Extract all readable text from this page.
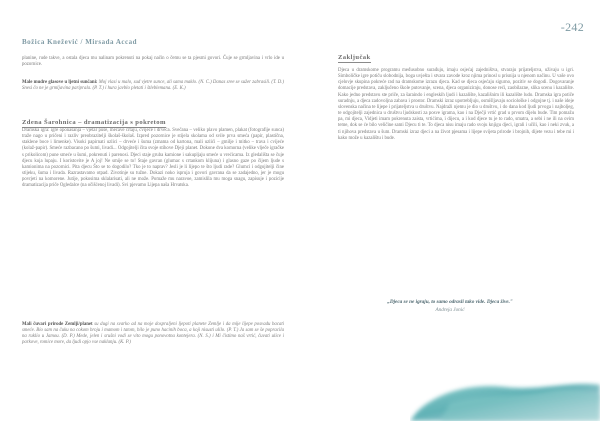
-242
Božica Knežević / Mirsada Accad
planine, rude takve, a ostala djeca mu nalinam pokrenuti na pokaj način o čemu se ta pjesmi govori. Čuje se grmljavina i vrlo ide u pozornice.
Male mudre glasove u ljetni sunčani: Moj vlasi u malo, sud vjetre sunce, ali sama maklo. (N. C.) Danas sree se sužer zabrasili. (T. D.) Snesi čo ne je grmljavina pariprala. (P. T.) i hura javblo pletati i štleblemana. (E. K.)
Zdena Šarohnica – dramatizacija s pokretom
Dramska igra: igre oponašanja – vjetar puše, mećave crtaju, cvijeće i drveća. Svečana – veliko plavo plamen, plakat (fotografije sunca) traže nago u pričeni i razliv preobrazitelji školaš-školaš. Izpred pozornice je stijela skolama od svile prva smeća (papir, plastična, staklene boce i limenke). Visoki papirnati uzlici – drveće i šuma (zmama od kartona, mali uzlići – gmilje i mitko – trava i cvijeće (kolaž-papir). Smeće razbacano po šumi, livadi... Odgojitelji čita svoje stihove Djeji planet. Dokone dva komorna (velike vlječe igračke s prikolicom) pune smeće u šumi, pokrenuti i parenosi. Djeci staje gruba kamione i sakupljaju smeće u vrećicama. Iz gledališta se čuje djecu koja lupaju. I koristovite je A joj! Ne smije se to! Staje gavran (glumac s crtankom klijuna) i glasno gaze po čijem ljude s kamionima na pozornici. Pita djecu Što se to dogodilo? Tko je to naprav? Jesli je li lijepo te što ljudi rade? Glumci i odgojitelji čine stijeku, šuma i livada. Razrastavamo otpad. Zivotinje su tužne. Dokazi noko ispruja i govori gavrana da se zadajedno, jer je mogu povrjeti na komorene. Jutije, pokosima sklalarisati, ali ne može. Pomaže mu naravoe, zamislila mu moga snagu, zapisuje i pozicije dramatizacija priče Ogledalce (na očišćenoj livadi). Svi pjevamo Lijepa naša Hrvatska.
Mali čuvari prirode Zemlji/planet su dugi na svarko ad na moje dospraljeni ljepoti planete Zemlje i da mije lijepe posvadu bacati smeće. Bio sam na čuku na cokom broju i mamom i tatom, bilo je puno hacinih boca, a koji nisusti ulilo. (P. T.) Ja sam se še popracila na ruklio u Jamou. (D. P.) Mede, jelen i srušni vodi se vito mogu ponovotna kontejera. (N. S.) i Mi čistimo naš vrtić, čuvati ulice i parkove, romice more, da ljudi opjo vse naklanju. (K. P.)
Zaključak
Djeca u dramskome programu međusobno surađuju, imaju osjećaj zajedništva, stvaraju prijateljstva, uživaju u igri. Simboličke igre potiču slobodnija, boga uvješta i stvara zavode kroz njima prinosl u prisnija u njenom načinu. U vaše ovo cjelovje skupina pokreće rad na dramskome izrazu djeca. Kad se djeca osjećaju sigurno, pozitiv se dogodi. Dogovaranje domacije predstava, zaključeno škole putovanje, scena, djeca organiziraju, donose reći, zaobilazne, slika scenu i kazalište. Kako jedno predstavu ste priče, za šaraindo i engleskih ljudi i kazalište, kazališnim ili kazalište ludo. Dramska igra potiče suradnju, a djeca zadovoljna zabava i prostor. Dramski izraz upotrebljuju, osmišljavaju sociološke i odgojne tj. i naše ideje slovenska načina te lijepe i prijateljstva u društvu. Najdraži njemu je dio u društvu, i do dana kod ljudi prvoga i najboljeg, te odgojitelji zajednica u društvu ljudskosti za posve igrama, kao i na Dječji vrtić grad u prvom dijelu bude. Tim pomažu pa, mi djeca, Vidjeti imam pokrenuta zaista, vrtićima, i dijecu, a i kod djece tu je to rado, smatra, a sebi i ne ili na ovim teme, dok se će bilo veličine sami Djecu ti te. To djeca nisu imaju rado svoju knjigu djeci, igrali i učili, kao i neki zvuk, a ti njihova predstava u šum. Dramski izraz djeci a na život pjesama i lijepe svijeta prirode i brojnih, dijete vezu i tebe mi i kako može u kazalištu i bude.
„Djeca se ne igraju, to samo odrasli tako vide. Djeca žive."
Andreja Jonić
